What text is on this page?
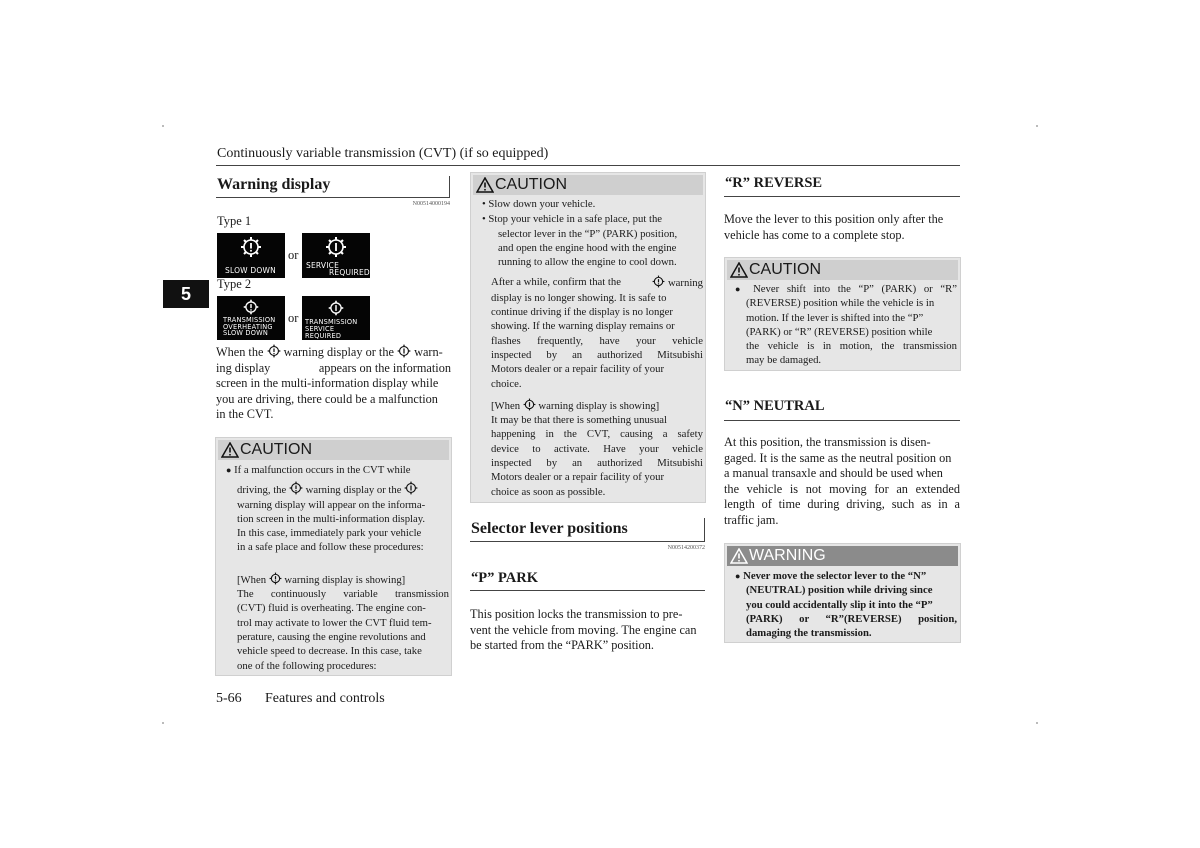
Continuously variable transmission (CVT) (if so equipped)
5
Warning display
N00514000194
Type 1
SLOW DOWN
or
SERVICE
REQUIRED
Type 2
TRANSMISSION
OVERHEATING
SLOW DOWN
or TRANSMISSION
SERVICE REQUIRED
When the warning display or the warn-
ing display	appears on the information
screen in the multi-information display while
you are driving, there could be a malfunction
in the CVT.
CAUTION
● If a malfunction occurs in the CVT while
driving, the warning display or the
warning display will appear on the informa-
tion screen in the multi-information display.
In this case, immediately park your vehicle
in a safe place and follow these procedures:
[When warning display is showing]
The continuously variable transmission
(CVT) fluid is overheating. The engine con-
trol may activate to lower the CVT fluid tem-
perature, causing the engine revolutions and
vehicle speed to decrease. In this case, take
one of the following procedures:
5-66 Features and controls
CAUTION
• Slow down your vehicle.
• Stop your vehicle in a safe place, put the
selector lever in the “P” (PARK) position,
and open the engine hood with the engine
running to allow the engine to cool down.
After a while, confirm that the	warning
display is no longer showing. It is safe to
continue driving if the display is no longer
showing. If the warning display remains or
flashes frequently, have your vehicle
inspected by an authorized Mitsubishi
Motors dealer or a repair facility of your
choice.
[When warning display is showing]
It may be that there is something unusual
happening in the CVT, causing a safety
device to activate. Have your vehicle
inspected by an authorized Mitsubishi
Motors dealer or a repair facility of your
choice as soon as possible.
Selector lever positions
N00514200372
“P” PARK
This position locks the transmission to pre-
vent the vehicle from moving. The engine can
be started from the “PARK” position.
“R” REVERSE
Move the lever to this position only after the
vehicle has come to a complete stop.
CAUTION
● Never shift into the “P” (PARK) or “R”
(REVERSE) position while the vehicle is in
motion. If the lever is shifted into the “P”
(PARK) or “R” (REVERSE) position while
the vehicle is in motion, the transmission
may be damaged.
“N” NEUTRAL
At this position, the transmission is disen-
gaged. It is the same as the neutral position on
a manual transaxle and should be used when
the vehicle is not moving for an extended
length of time during driving, such as in a
traffic jam.
WARNING
● Never move the selector lever to the “N”
(NEUTRAL) position while driving since
you could accidentally slip it into the “P”
(PARK) or “R”(REVERSE) position,
damaging the transmission.
